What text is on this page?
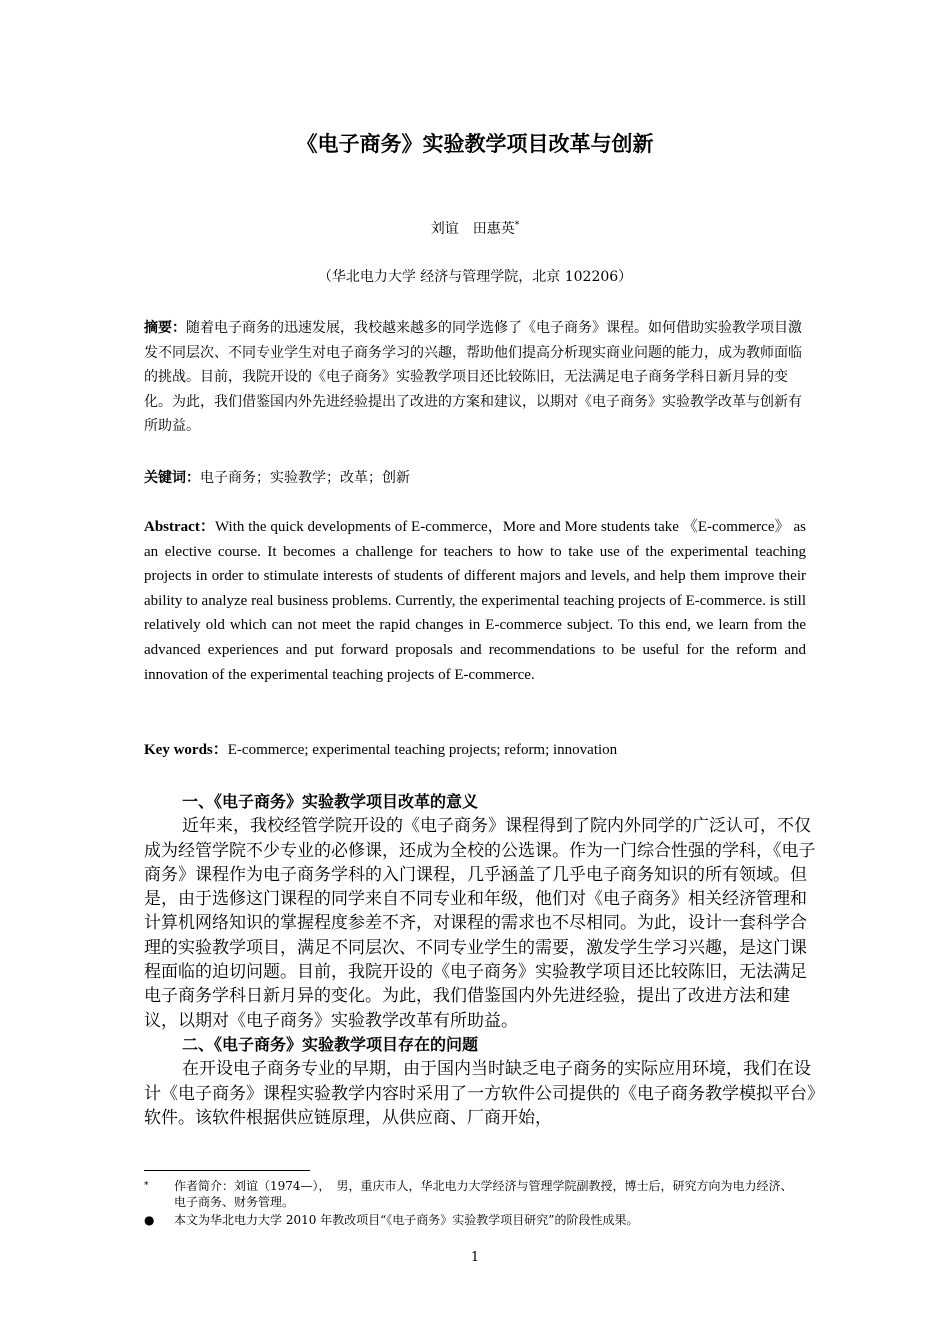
《电子商务》实验教学项目改革与创新
刘谊　田惠英*
（华北电力大学 经济与管理学院，北京 102206）
摘要：随着电子商务的迅速发展，我校越来越多的同学选修了《电子商务》课程。如何借助实验教学项目激发不同层次、不同专业学生对电子商务学习的兴趣，帮助他们提高分析现实商业问题的能力，成为教师面临的挑战。目前，我院开设的《电子商务》实验教学项目还比较陈旧，无法满足电子商务学科日新月异的变化。为此，我们借鉴国内外先进经验提出了改进的方案和建议，以期对《电子商务》实验教学改革与创新有所助益。
关键词：电子商务；实验教学；改革；创新
Abstract：With the quick developments of E-commerce，More and More students take 《E-commerce》 as an elective course. It becomes a challenge for teachers to how to take use of the experimental teaching projects in order to stimulate interests of students of different majors and levels, and help them improve their ability to analyze real business problems. Currently, the experimental teaching projects of E-commerce. is still relatively old which can not meet the rapid changes in E-commerce subject. To this end, we learn from the advanced experiences and put forward proposals and recommendations to be useful for the reform and innovation of the experimental teaching projects of E-commerce.
Key words：E-commerce; experimental teaching projects; reform; innovation

一、《电子商务》实验教学项目改革的意义

近年来，我校经管学院开设的《电子商务》课程得到了院内外同学的广泛认可，不仅成为经管学院不少专业的必修课，还成为全校的公选课。作为一门综合性强的学科，《电子商务》课程作为电子商务学科的入门课程，几乎涵盖了几乎电子商务知识的所有领域。但是，由于选修这门课程的同学来自不同专业和年级，他们对《电子商务》相关经济管理和计算机网络知识的掌握程度参差不齐，对课程的需求也不尽相同。为此，设计一套科学合理的实验教学项目，满足不同层次、不同专业学生的需要，激发学生学习兴趣，是这门课程面临的迫切问题。目前，我院开设的《电子商务》实验教学项目还比较陈旧，无法满足电子商务学科日新月异的变化。为此，我们借鉴国内外先进经验，提出了改进方法和建议，以期对《电子商务》实验教学改革有所助益。

二、《电子商务》实验教学项目存在的问题

在开设电子商务专业的早期，由于国内当时缺乏电子商务的实际应用环境，我们在设计《电子商务》课程实验教学内容时采用了一方软件公司提供的《电子商务教学模拟平台》软件。该软件根据供应链原理，从供应商、厂商开始，

* 作者简介：刘谊（1974—），　男，重庆市人，华北电力大学经济与管理学院副教授，博士后，研究方向为电力经济、电子商务、财务管理。
● 本文为华北电力大学 2010 年教改项目“《电子商务》实验教学项目研究”的阶段性成果。
1
